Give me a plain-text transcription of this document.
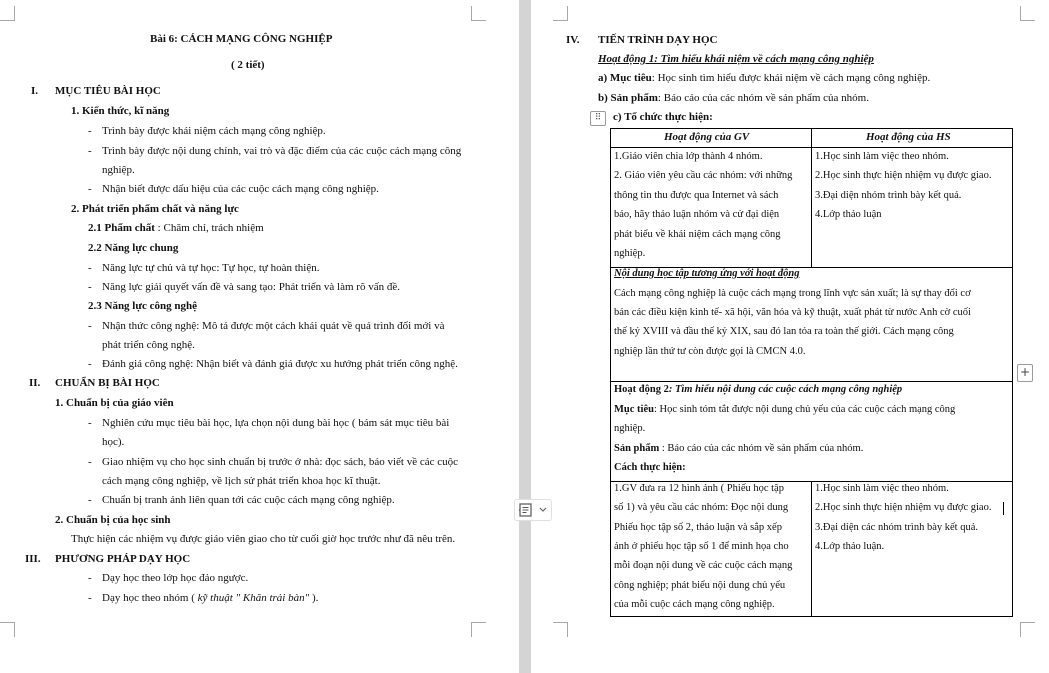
Bài 6: CÁCH MẠNG CÔNG NGHIỆP
( 2 tiết)
I. MỤC TIÊU BÀI HỌC
1. Kiến thức, kĩ năng
- Trình bày được khái niệm cách mạng công nghiệp.
- Trình bày được nội dung chính, vai trò và đặc điểm của các cuộc cách mạng công
nghiệp.
- Nhận biết được dấu hiệu của các cuộc cách mạng công nghiệp.
2. Phát triển phẩm chất và năng lực
2.1 Phẩm chất : Chăm chỉ, trách nhiệm
2.2 Năng lực chung
- Năng lực tự chủ và tự học: Tự học, tự hoàn thiện.
- Năng lực giải quyết vấn đề và sang tạo: Phát triển và làm rõ vấn đề.
2.3 Năng lực công nghệ
- Nhận thức công nghệ: Mô tả được một cách khái quát về quá trình đổi mới và
phát triển công nghệ.
- Đánh giá công nghệ: Nhận biết và đánh giá được xu hướng phát triển công nghệ.
II. CHUẨN BỊ BÀI HỌC
1. Chuẩn bị của giáo viên
- Nghiên cứu mục tiêu bài học, lựa chọn nội dung bài học ( bám sát mục tiêu bài
học).
- Giao nhiệm vụ cho học sinh chuẩn bị trước ở nhà: đọc sách, báo viết về các cuộc
cách mạng công nghiệp, về lịch sử phát triển khoa học kĩ thuật.
- Chuẩn bị tranh ảnh liên quan tới các cuộc cách mạng công nghiệp.
2. Chuẩn bị của học sinh
Thực hiện các nhiệm vụ được giáo viên giao cho từ cuối giờ học trước như đã nêu trên.
III. PHƯƠNG PHÁP DẠY HỌC
- Dạy học theo lớp học đảo ngược.
- Dạy học theo nhóm ( kỹ thuật " Khăn trải bàn" ).
IV. TIẾN TRÌNH DẠY HỌC
Hoạt động 1: Tìm hiểu khái niệm về cách mạng công nghiệp
a) Mục tiêu: Học sinh tìm hiểu được khái niệm về cách mạng công nghiệp.
b) Sản phẩm: Báo cáo của các nhóm về sản phẩm của nhóm.
⠿	c) Tổ chức thực hiện:
Hoạt động của GV	Hoạt động của HS
1.Giáo viên chia lớp thành 4 nhóm.
2. Giáo viên yêu cầu các nhóm: với những
thông tin thu được qua Internet và sách
báo, hãy thảo luận nhóm và cử đại diện
phát biểu về khái niệm cách mạng công
nghiệp.
1.Học sinh làm việc theo nhóm.
2.Học sinh thực hiện nhiệm vụ được giao.
3.Đại diện nhóm trình bày kết quả.
4.Lớp thảo luận
Nội dung học tập tương ứng với hoạt động
Cách mạng công nghiệp là cuộc cách mạng trong lĩnh vực sản xuất; là sự thay đổi cơ
bản các điều kiện kinh tế- xã hội, văn hóa và kỹ thuật, xuất phát từ nước Anh cờ cuối
thế kỷ XVIII và đầu thế kỷ XIX, sau đó lan tỏa ra toàn thế giới. Cách mạng công
nghiệp lần thứ tư còn được gọi là CMCN 4.0.
Hoạt động 2: Tìm hiểu nội dung các cuộc cách mạng công nghiệp
Mục tiêu: Học sinh tóm tắt được nội dung chủ yếu của các cuộc cách mạng công
nghiệp.
Sản phẩm : Báo cáo của các nhóm về sản phẩm của nhóm.
Cách thực hiện:
1.GV đưa ra 12 hình ảnh ( Phiếu học tập
số 1) và yêu cầu các nhóm: Đọc nội dung
Phiếu học tập số 2, thảo luận và sắp xếp
ảnh ở phiếu học tập số 1 để minh họa cho
mỗi đoạn nội dung về các cuộc cách mạng
công nghiệp; phát biểu nội dung chủ yếu
của mỗi cuộc cách mạng công nghiệp.
1.Học sinh làm việc theo nhóm.
2.Học sinh thực hiện nhiệm vụ được giao.
3.Đại diện các nhóm trình bày kết quả.
4.Lớp thảo luận.
+
